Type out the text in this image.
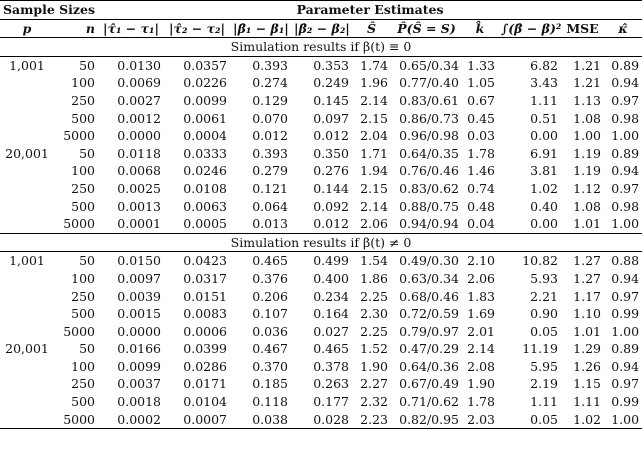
Sample Sizes		Parameter Estimates									
p	n	|τ̂₁ − τ₁|	|τ̂₂ − τ₂|	|β̂₁ − β₁|	|β̂₂ − β₂|	Ŝ	P̂(Ŝ = S)	k̂	∫(β̂ − β)²	MSE	κ̂
Simulation results if β(t) ≡ 0											
1,001	50	0.0130	0.0357	0.393	0.353	1.74	0.65/0.34	1.33	6.82	1.21	0.89
	100	0.0069	0.0226	0.274	0.249	1.96	0.77/0.40	1.05	3.43	1.21	0.94
	250	0.0027	0.0099	0.129	0.145	2.14	0.83/0.61	0.67	1.11	1.13	0.97
	500	0.0012	0.0061	0.070	0.097	2.15	0.86/0.73	0.45	0.51	1.08	0.98
	5000	0.0000	0.0004	0.012	0.012	2.04	0.96/0.98	0.03	0.00	1.00	1.00
20,001	50	0.0118	0.0333	0.393	0.350	1.71	0.64/0.35	1.78	6.91	1.19	0.89
	100	0.0068	0.0246	0.279	0.276	1.94	0.76/0.46	1.46	3.81	1.19	0.94
	250	0.0025	0.0108	0.121	0.144	2.15	0.83/0.62	0.74	1.02	1.12	0.97
	500	0.0013	0.0063	0.064	0.092	2.14	0.88/0.75	0.48	0.40	1.08	0.98
	5000	0.0001	0.0005	0.013	0.012	2.06	0.94/0.94	0.04	0.00	1.01	1.00
Simulation results if β(t) ≠ 0											
1,001	50	0.0150	0.0423	0.465	0.499	1.54	0.49/0.30	2.10	10.82	1.27	0.88
	100	0.0097	0.0317	0.376	0.400	1.86	0.63/0.34	2.06	5.93	1.27	0.94
	250	0.0039	0.0151	0.206	0.234	2.25	0.68/0.46	1.83	2.21	1.17	0.97
	500	0.0015	0.0083	0.107	0.164	2.30	0.72/0.59	1.69	0.90	1.10	0.99
	5000	0.0000	0.0006	0.036	0.027	2.25	0.79/0.97	2.01	0.05	1.01	1.00
20,001	50	0.0166	0.0399	0.467	0.465	1.52	0.47/0.29	2.14	11.19	1.29	0.89
	100	0.0099	0.0286	0.370	0.378	1.90	0.64/0.36	2.08	5.95	1.26	0.94
	250	0.0037	0.0171	0.185	0.263	2.27	0.67/0.49	1.90	2.19	1.15	0.97
	500	0.0018	0.0104	0.118	0.177	2.32	0.71/0.62	1.78	1.11	1.11	0.99
	5000	0.0002	0.0007	0.038	0.028	2.23	0.82/0.95	2.03	0.05	1.02	1.00
